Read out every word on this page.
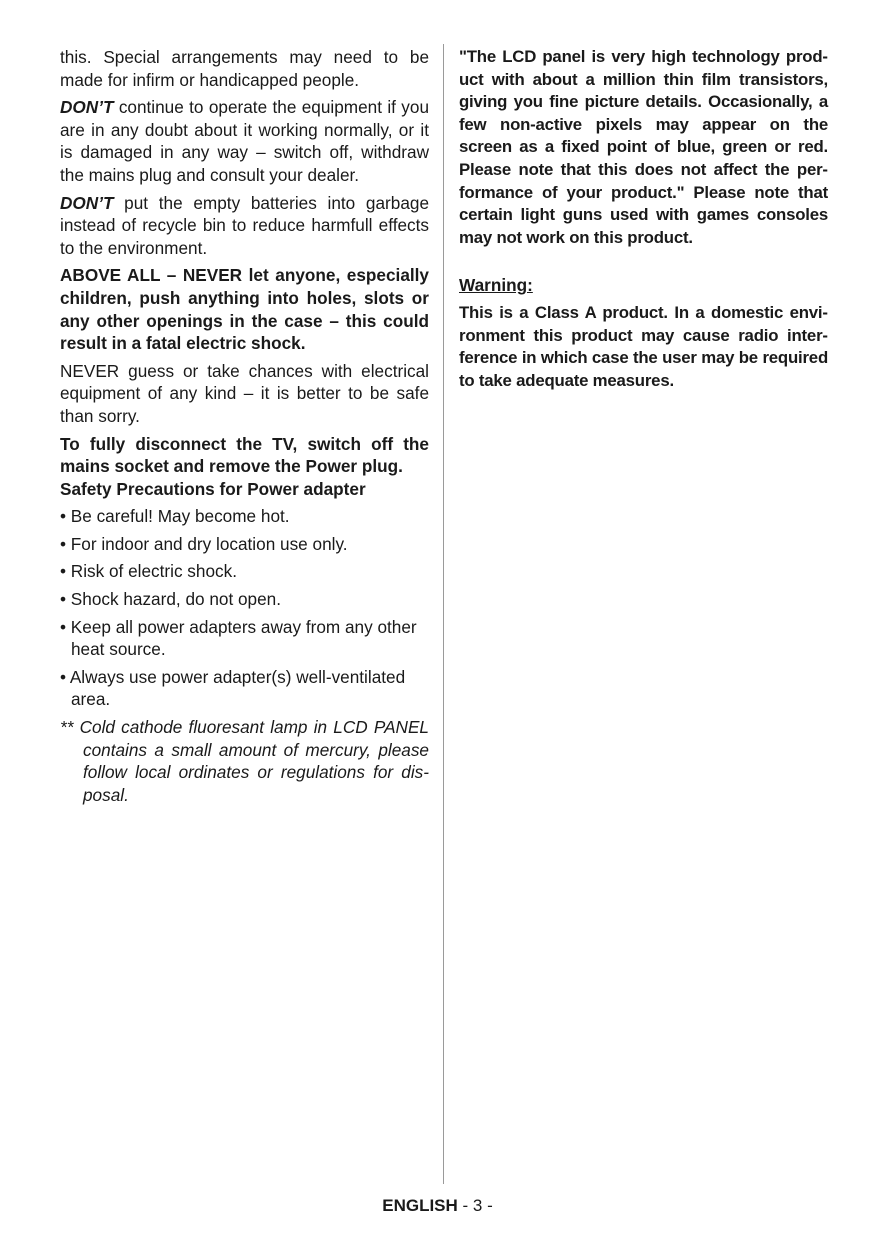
this. Special arrangements may need to be made for infirm or handicapped people.

DON’T continue to operate the equipment if you are in any doubt about it working normally, or it is damaged in any way – switch off, withdraw the mains plug and consult your dealer.

DON’T put the empty batteries into garbage instead of recycle bin to reduce harmfull effects to the environment.

ABOVE ALL – NEVER let anyone, especially children, push anything into holes, slots or any other openings in the case – this could result in a fatal electric shock.

NEVER guess or take chances with electrical equipment of any kind – it is better to be safe than sorry.

To fully disconnect the TV, switch off the mains socket and remove the Power plug.

Safety Precautions for Power adapter

• Be careful! May become hot.

• For indoor and dry location use only.

• Risk of electric shock.

• Shock hazard, do not open.

• Keep all power adapters away from any other heat source.

• Always use power adapter(s) well-ventilated area.

** Cold cathode fluoresant lamp in LCD PANEL contains a small amount of mercury, please follow local ordinates or regulations for disposal.

"The LCD panel is very high technology product with about a million thin film transistors, giving you fine picture details. Occasionally, a few non-active pixels may appear on the screen as a fixed point of blue, green or red. Please note that this does not affect the performance of your product." Please note that certain light guns used with games consoles may not work on this product.

Warning:

This is a Class A product. In a domestic environment this product may cause radio interference in which case the user may be required to take adequate measures.

ENGLISH - 3 -
